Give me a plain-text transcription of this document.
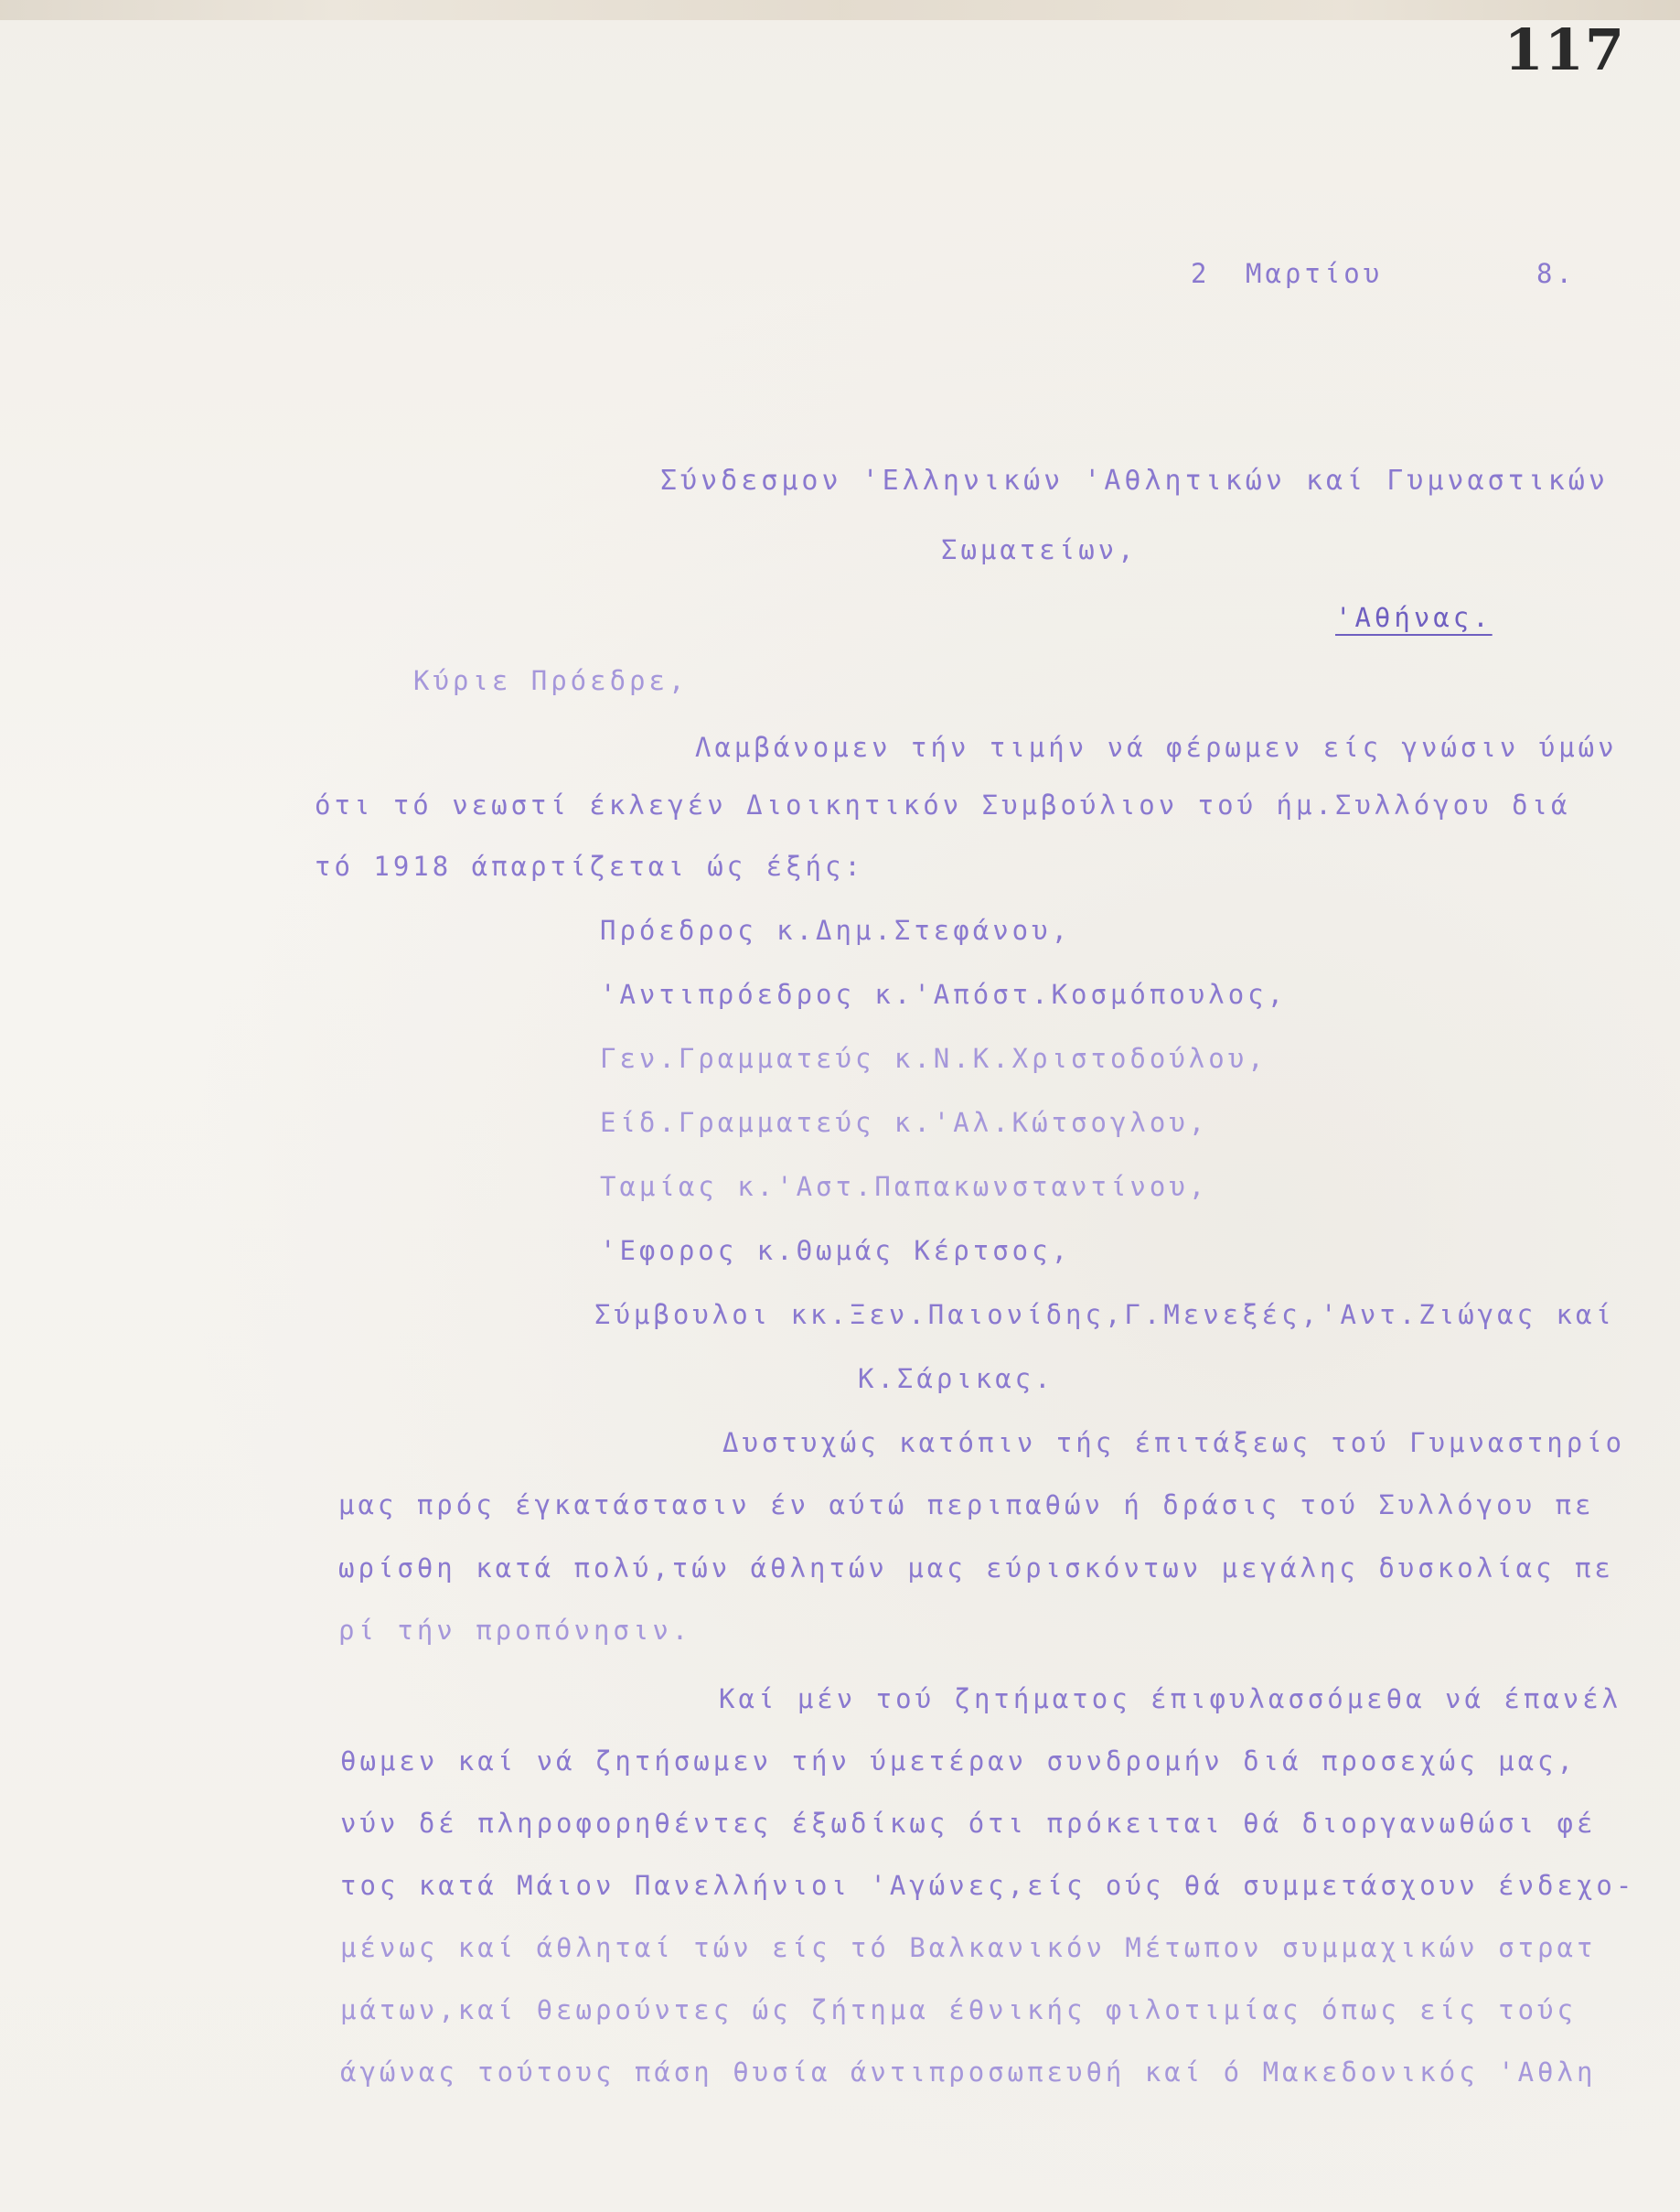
117
2 Μαρτίου	8.
Σύνδεσμον 'Ελληνικών 'Αθλητικών καί Γυμναστικών
Σωματείων,
'Αθήνας.
Κύριε Πρόεδρε,
Λαμβάνομεν τήν τιμήν νά φέρωμεν είς γνώσιν ύμών
ότι τό νεωστί έκλεγέν Διοικητικόν Συμβούλιον τού ήμ.Συλλόγου διά
τό 1918 άπαρτίζεται ώς έξής:
Πρόεδρος κ.Δημ.Στεφάνου,
'Αντιπρόεδρος κ.'Απόστ.Κοσμόπουλος,
Γεν.Γραμματεύς κ.Ν.Κ.Χριστοδούλου,
Είδ.Γραμματεύς κ.'Αλ.Κώτσογλου,
Ταμίας κ.'Αστ.Παπακωνσταντίνου,
'Εφορος κ.Θωμάς Κέρτσος,
Σύμβουλοι κκ.Ξεν.Παιονίδης,Γ.Μενεξές,'Αντ.Ζιώγας καί
Κ.Σάρικας.
Δυστυχώς κατόπιν τής έπιτάξεως τού Γυμναστηρίο
μας πρός έγκατάστασιν έν αύτώ περιπαθών ή δράσις τού Συλλόγου πε
ωρίσθη κατά πολύ,τών άθλητών μας εύρισκόντων μεγάλης δυσκολίας πε
ρί τήν προπόνησιν.
Καί μέν τού ζητήματος έπιφυλασσόμεθα νά έπανέλ
θωμεν καί νά ζητήσωμεν τήν ύμετέραν συνδρομήν διά προσεχώς μας,
νύν δέ πληροφορηθέντες έξωδίκως ότι πρόκειται θά διοργανωθώσι φέ
τος κατά Μάιον Πανελλήνιοι 'Αγώνες,είς ούς θά συμμετάσχουν ένδεχο-
μένως καί άθληταί τών είς τό Βαλκανικόν Μέτωπον συμμαχικών στρατ
μάτων,καί θεωρούντες ώς ζήτημα έθνικής φιλοτιμίας όπως είς τούς
άγώνας τούτους πάση θυσία άντιπροσωπευθή καί ό Μακεδονικός 'Αθλη
